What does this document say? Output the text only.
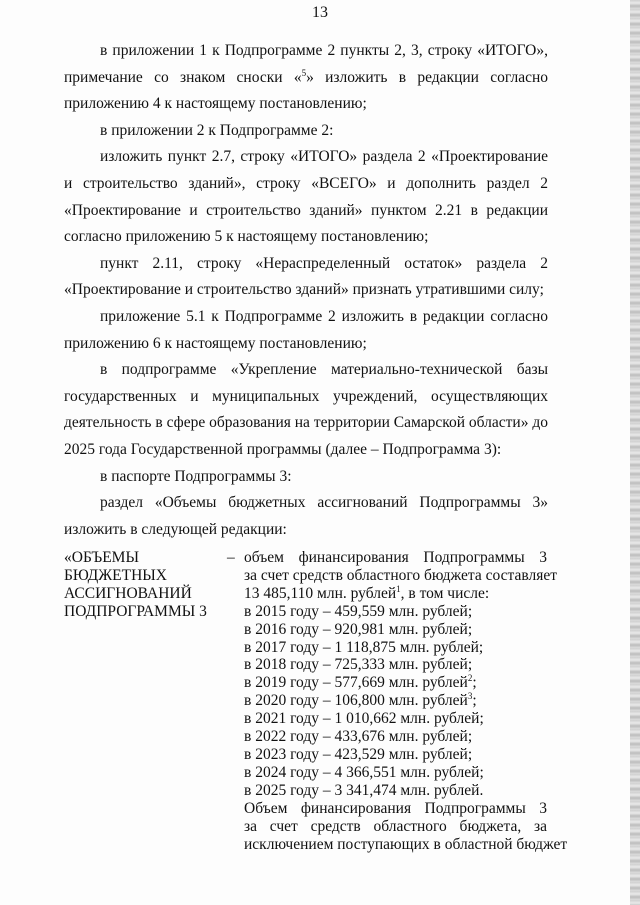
13

в приложении 1 к Подпрограмме 2 пункты 2, 3, строку «ИТОГО», примечание со знаком сноски «$^5$» изложить в редакции согласно приложению 4 к настоящему постановлению;

в приложении 2 к Подпрограмме 2:

изложить пункт 2.7, строку «ИТОГО» раздела 2 «Проектирование и строительство зданий», строку «ВСЕГО» и дополнить раздел 2 «Проектирование и строительство зданий» пунктом 2.21 в редакции согласно приложению 5 к настоящему постановлению;

пункт 2.11, строку «Нераспределенный остаток» раздела 2 «Проектирование и строительство зданий» признать утратившими силу;

приложение 5.1 к Подпрограмме 2 изложить в редакции согласно приложению 6 к настоящему постановлению;

в подпрограмме «Укрепление материально-технической базы государственных и муниципальных учреждений, осуществляющих деятельность в сфере образования на территории Самарской области» до 2025 года Государственной программы (далее – Подпрограмма 3):

в паспорте Подпрограммы 3:

раздел «Объемы бюджетных ассигнований Подпрограммы 3» изложить в следующей редакции:

«ОБЪЕМЫ
БЮДЖЕТНЫХ
АССИГНОВАНИЙ
ПОДПРОГРАММЫ 3
– объем финансирования Подпрограммы 3
за счет средств областного бюджета составляет
13 485,110 млн. рублей$^1$, в том числе:
в 2015 году – 459,559 млн. рублей;
в 2016 году – 920,981 млн. рублей;
в 2017 году – 1 118,875 млн. рублей;
в 2018 году – 725,333 млн. рублей;
в 2019 году – 577,669 млн. рублей$^2$;
в 2020 году – 106,800 млн. рублей$^3$;
в 2021 году – 1 010,662 млн. рублей;
в 2022 году – 433,676 млн. рублей;
в 2023 году – 423,529 млн. рублей;
в 2024 году – 4 366,551 млн. рублей;
в 2025 году – 3 341,474 млн. рублей.
Объем финансирования Подпрограммы 3
за счет средств областного бюджета, за
исключением поступающих в областной бюджет
